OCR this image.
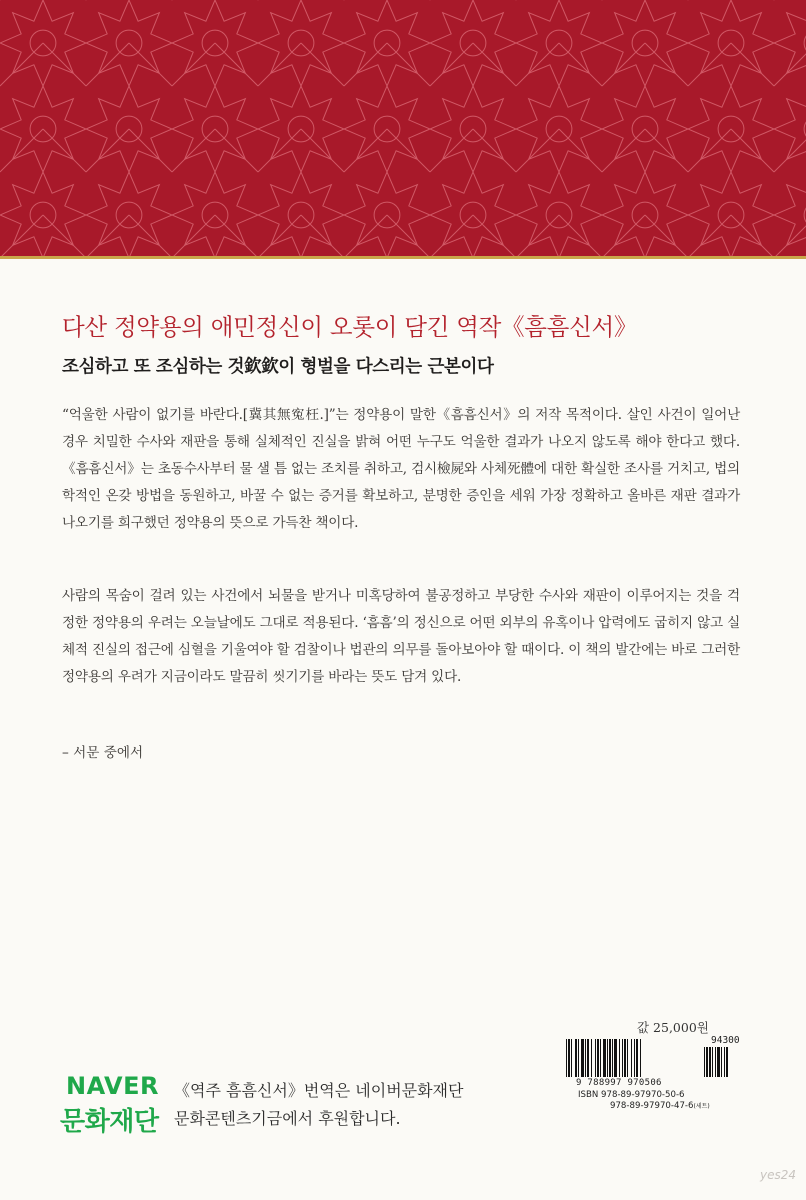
다산 정약용의 애민정신이 오롯이 담긴 역작《흠흠신서》
조심하고 또 조심하는 것欽欽이 형벌을 다스리는 근본이다
“억울한 사람이 없기를 바란다.[冀其無寃枉.]”는 정약용이 말한《흠흠신서》의 저작 목적이다. 살인 사건이 일어난 경우 치밀한 수사와 재판을 통해 실체적인 진실을 밝혀 어떤 누구도 억울한 결과가 나오지 않도록 해야 한다고 했다.《흠흠신서》는 초동수사부터 물 샐 틈 없는 조치를 취하고, 검시檢屍와 사체死體에 대한 확실한 조사를 거치고, 법의학적인 온갖 방법을 동원하고, 바꿀 수 없는 증거를 확보하고, 분명한 증인을 세워 가장 정확하고 올바른 재판 결과가 나오기를 희구했던 정약용의 뜻으로 가득찬 책이다.
사람의 목숨이 걸려 있는 사건에서 뇌물을 받거나 미혹당하여 불공정하고 부당한 수사와 재판이 이루어지는 것을 걱정한 정약용의 우려는 오늘날에도 그대로 적용된다. ‘흠흠’의 정신으로 어떤 외부의 유혹이나 압력에도 굽히지 않고 실체적 진실의 접근에 심혈을 기울여야 할 검찰이나 법관의 의무를 돌아보아야 할 때이다. 이 책의 발간에는 바로 그러한 정약용의 우려가 지금이라도 말끔히 씻기기를 바라는 뜻도 담겨 있다.
– 서문 중에서
값 25,000원
94300
9 788997 970506
ISBN 978-89-97970-50-6
978-89-97970-47-6(세트)
NAVER
문화재단
《역주 흠흠신서》번역은 네이버문화재단
문화콘텐츠기금에서 후원합니다.
yes24
